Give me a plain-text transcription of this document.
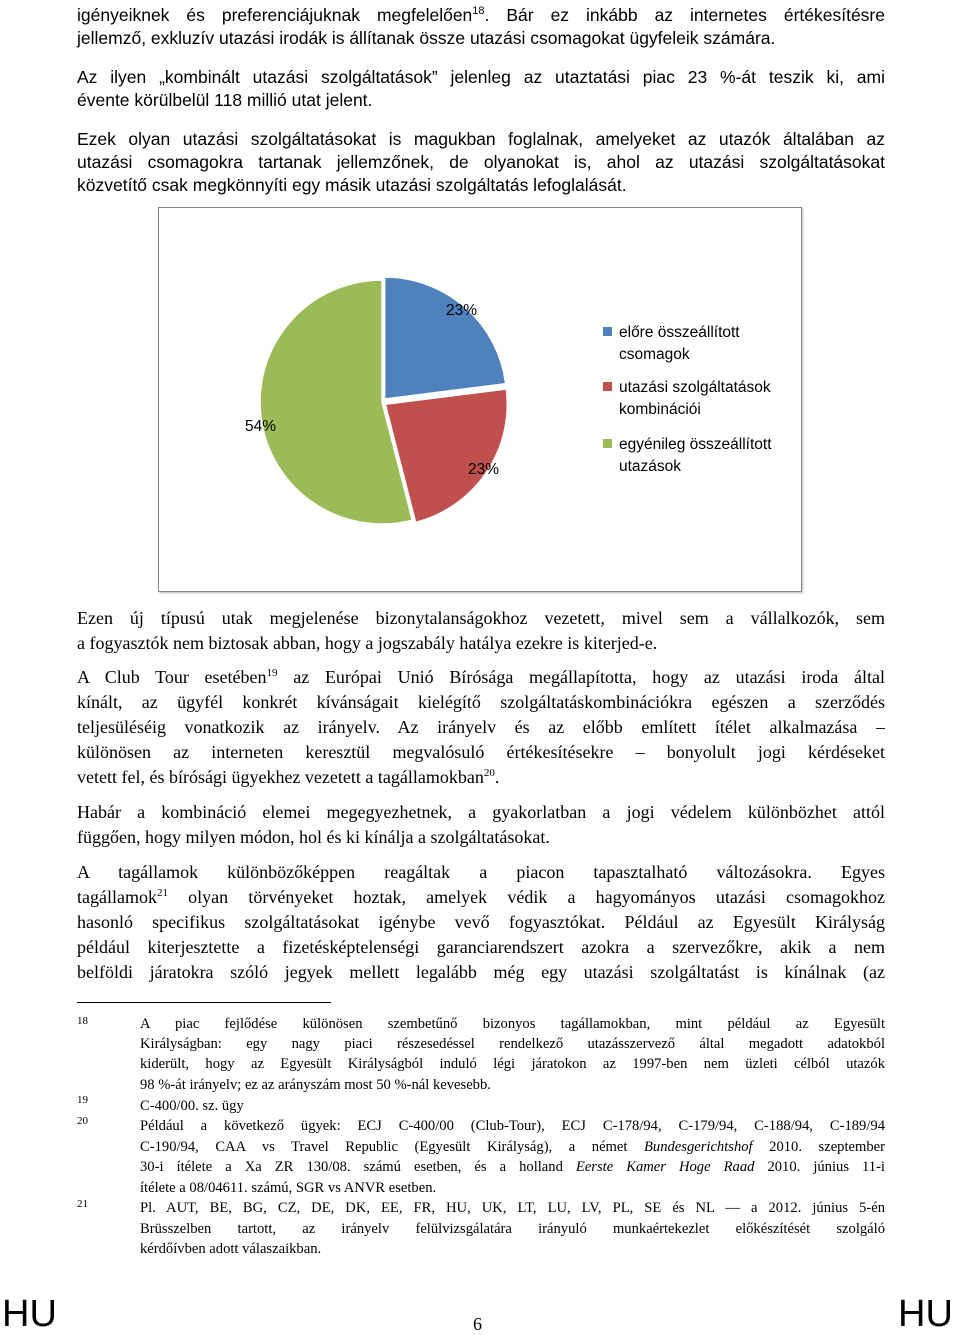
igényeiknek és preferenciájuknak megfelelően$^{18}$. Bár ez inkább az internetes értékesítésre
jellemző, exkluzív utazási irodák is állítanak össze utazási csomagokat ügyfeleik számára.
Az ilyen „kombinált utazási szolgáltatások” jelenleg az utaztatási piac 23 %-át teszik ki, ami
évente körülbelül 118 millió utat jelent.
Ezek olyan utazási szolgáltatásokat is magukban foglalnak, amelyeket az utazók általában az
utazási csomagokra tartanak jellemzőnek, de olyanokat is, ahol az utazási szolgáltatásokat
közvetítő csak megkönnyíti egy másik utazási szolgáltatás lefoglalását.
23%
23%
54%
előre összeállított
csomagok
utazási szolgáltatások
kombinációi
egyénileg összeállított
utazások
Ezen új típusú utak megjelenése bizonytalanságokhoz vezetett, mivel sem a vállalkozók, sem
a fogyasztók nem biztosak abban, hogy a jogszabály hatálya ezekre is kiterjed-e.
A Club Tour esetében$^{19}$ az Európai Unió Bírósága megállapította, hogy az utazási iroda által
kínált, az ügyfél konkrét kívánságait kielégítő szolgáltatáskombinációkra egészen a szerződés
teljesüléséig vonatkozik az irányelv. Az irányelv és az előbb említett ítélet alkalmazása –
különösen az interneten keresztül megvalósuló értékesítésekre – bonyolult jogi kérdéseket
vetett fel, és bírósági ügyekhez vezetett a tagállamokban$^{20}$.
Habár a kombináció elemei megegyezhetnek, a gyakorlatban a jogi védelem különbözhet attól
függően, hogy milyen módon, hol és ki kínálja a szolgáltatásokat.
A tagállamok különbözőképpen reagáltak a piacon tapasztalható változásokra. Egyes
tagállamok$^{21}$ olyan törvényeket hoztak, amelyek védik a hagyományos utazási csomagokhoz
hasonló specifikus szolgáltatásokat igénybe vevő fogyasztókat. Például az Egyesült Királyság
például kiterjesztette a fizetésképtelenségi garanciarendszert azokra a szervezőkre, akik a nem
belföldi járatokra szóló jegyek mellett legalább még egy utazási szolgáltatást is kínálnak (az
18	A piac fejlődése különösen szembetűnő bizonyos tagállamokban, mint például az Egyesült
Királyságban: egy nagy piaci részesedéssel rendelkező utazásszervező által megadott adatokból
kiderült, hogy az Egyesült Királyságból induló légi járatokon az 1997-ben nem üzleti célból utazók
98 %-át irányelv; ez az arányszám most 50 %-nál kevesebb.
19	C-400/00. sz. ügy
20	Például a következő ügyek: ECJ C-400/00 (Club-Tour), ECJ C-178/94, C-179/94, C-188/94, C-189/94
C-190/94, CAA vs Travel Republic (Egyesült Királyság), a német Bundesgerichtshof 2010. szeptember
30-i ítélete a Xa ZR 130/08. számú esetben, és a holland Eerste Kamer Hoge Raad 2010. június 11-i
ítélete a 08/04611. számú, SGR vs ANVR esetben.
21	Pl. AUT, BE, BG, CZ, DE, DK, EE, FR, HU, UK, LT, LU, LV, PL, SE és NL — a 2012. június 5-én
Brüsszelben tartott, az irányelv felülvizsgálatára irányuló munkaértekezlet előkészítését szolgáló
kérdőívben adott válaszaikban.
HU	6	HU
